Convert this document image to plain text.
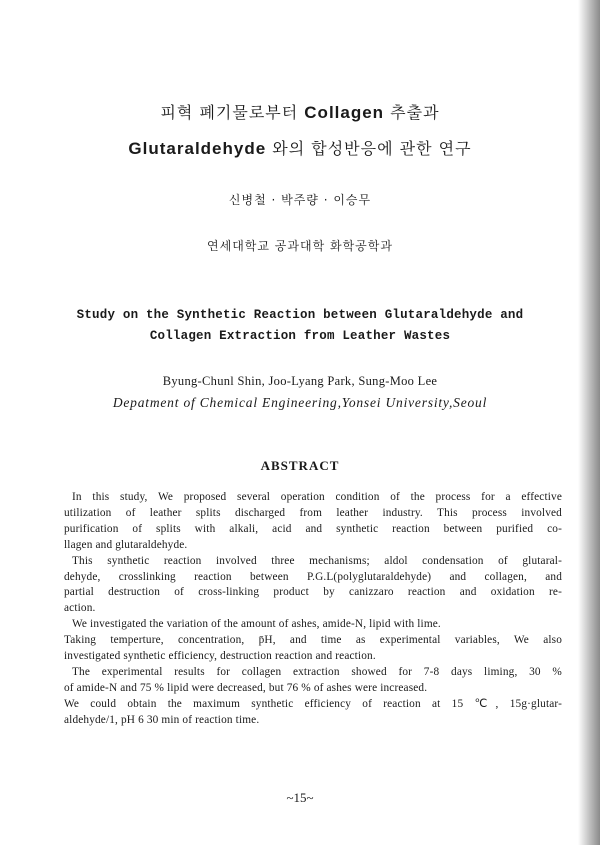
피혁 폐기물로부터 Collagen 추출과
Glutaraldehyde 와의 합성반응에 관한 연구
신병철 · 박주량 · 이승무
연세대학교 공과대학 화학공학과
Study on the Synthetic Reaction between Glutaraldehyde and
Collagen Extraction from Leather Wastes
Byung-Chunl Shin, Joo-Lyang Park, Sung-Moo Lee
Depatment of Chemical Engineering,Yonsei University,Seoul
ABSTRACT
In this study, We proposed several operation condition of the process for a effective
utilization of leather splits discharged from leather industry. This process involved
purification of splits with alkali, acid and synthetic reaction between purified co-
llagen and glutaraldehyde.
This synthetic reaction involved three mechanisms; aldol condensation of glutaral-
dehyde, crosslinking reaction between P.G.L(polyglutaraldehyde) and collagen, and
partial destruction of cross-linking product by canizzaro reaction and oxidation re-
action.
We investigated the variation of the amount of ashes, amide-N, lipid with lime.
Taking temperture, concentration, p̄H, and time as experimental variables, We also
investigated synthetic efficiency, destruction reaction and reaction.
The experimental results for collagen extraction showed for 7-8 days liming, 30 %
of amide-N and 75 % lipid were decreased, but 76 % of ashes were increased.
We could obtain the maximum synthetic efficiency of reaction at 15 ℃, 15g·glutar-
aldehyde/1, pH 6 30 min of reaction time.
~15~
